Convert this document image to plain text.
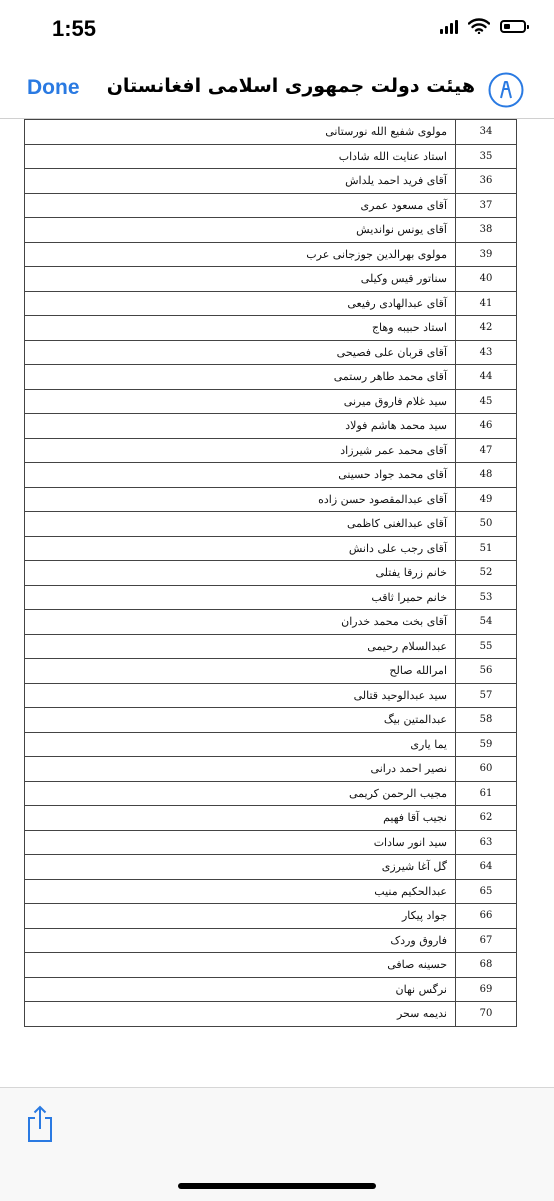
1:55
Done	هیئت دولت جمهوری اسلامی افغانستان
مولوی شفیع الله نورستانی	34
استاد عنایت الله شاداب	35
آقای فرید احمد یلداش	36
آقای مسعود عمری	37
آقای یونس نواندیش	38
مولوی بهرالدین جوزجانی عرب	39
سناتور قیس وکیلی	40
آقای عبدالهادی رفیعی	41
استاد حبیبه وهاج	42
آقای قربان علی فصیحی	43
آقای محمد طاهر رستمی	44
سید غلام فاروق میرنی	45
سید محمد هاشم فولاد	46
آقای محمد عمر شیرزاد	47
آقای محمد جواد حسینی	48
آقای عبدالمقصود حسن زاده	49
آقای عبدالغنی کاظمی	50
آقای رجب علی دانش	51
خانم زرقا یفتلی	52
خانم حمیرا ثاقب	53
آقای بخت محمد خدران	54
عبدالسلام رحیمی	55
امرالله صالح	56
سید عبدالوحید قتالی	57
عبدالمتین بیگ	58
یما یاری	59
نصیر احمد درانی	60
مجیب الرحمن کریمی	61
نجیب آقا فهیم	62
سید انور سادات	63
گل آغا شیرزی	64
عبدالحکیم منیب	65
جواد پیکار	66
فاروق وردک	67
حسینه صافی	68
نرگس نهان	69
ندیمه سحر	70
